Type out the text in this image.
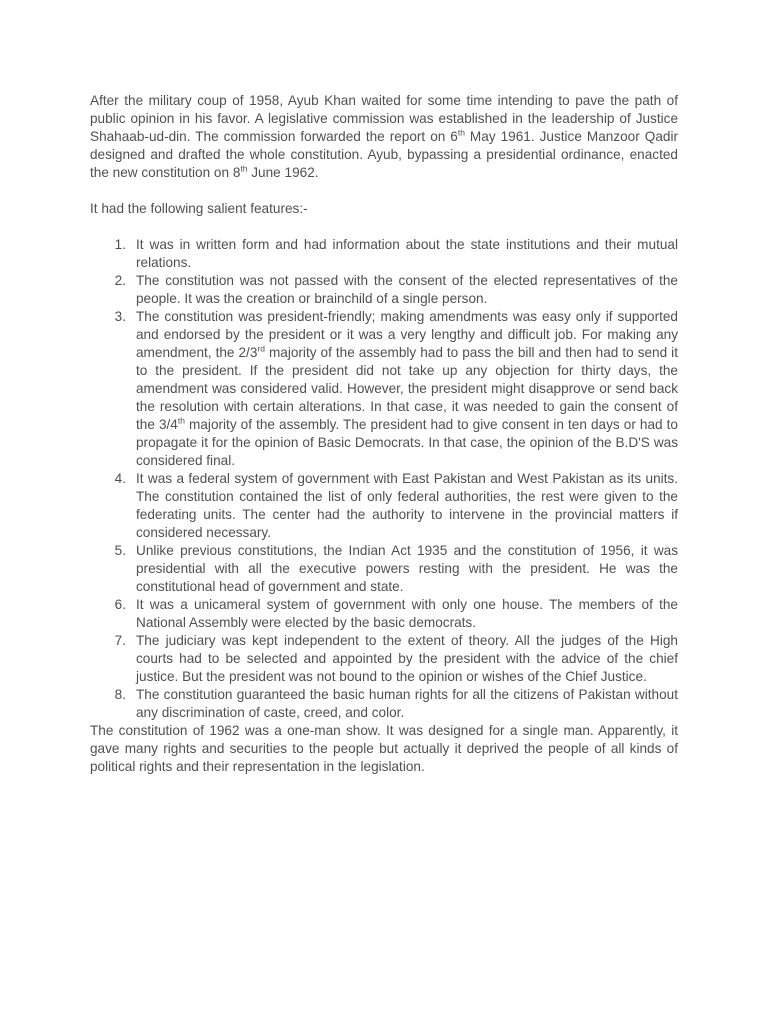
After the military coup of 1958, Ayub Khan waited for some time intending to pave the path of public opinion in his favor. A legislative commission was established in the leadership of Justice Shahaab-ud-din. The commission forwarded the report on 6th May 1961. Justice Manzoor Qadir designed and drafted the whole constitution. Ayub, bypassing a presidential ordinance, enacted the new constitution on 8th June 1962.

It had the following salient features:-

1. It was in written form and had information about the state institutions and their mutual relations.
2. The constitution was not passed with the consent of the elected representatives of the people. It was the creation or brainchild of a single person.
3. The constitution was president-friendly; making amendments was easy only if supported and endorsed by the president or it was a very lengthy and difficult job. For making any amendment, the 2/3rd majority of the assembly had to pass the bill and then had to send it to the president. If the president did not take up any objection for thirty days, the amendment was considered valid. However, the president might disapprove or send back the resolution with certain alterations. In that case, it was needed to gain the consent of the 3/4th majority of the assembly. The president had to give consent in ten days or had to propagate it for the opinion of Basic Democrats. In that case, the opinion of the B.D'S was considered final.
4. It was a federal system of government with East Pakistan and West Pakistan as its units. The constitution contained the list of only federal authorities, the rest were given to the federating units. The center had the authority to intervene in the provincial matters if considered necessary.
5. Unlike previous constitutions, the Indian Act 1935 and the constitution of 1956, it was presidential with all the executive powers resting with the president. He was the constitutional head of government and state.
6. It was a unicameral system of government with only one house. The members of the National Assembly were elected by the basic democrats.
7. The judiciary was kept independent to the extent of theory. All the judges of the High courts had to be selected and appointed by the president with the advice of the chief justice. But the president was not bound to the opinion or wishes of the Chief Justice.
8. The constitution guaranteed the basic human rights for all the citizens of Pakistan without any discrimination of caste, creed, and color.

The constitution of 1962 was a one-man show. It was designed for a single man. Apparently, it gave many rights and securities to the people but actually it deprived the people of all kinds of political rights and their representation in the legislation.
